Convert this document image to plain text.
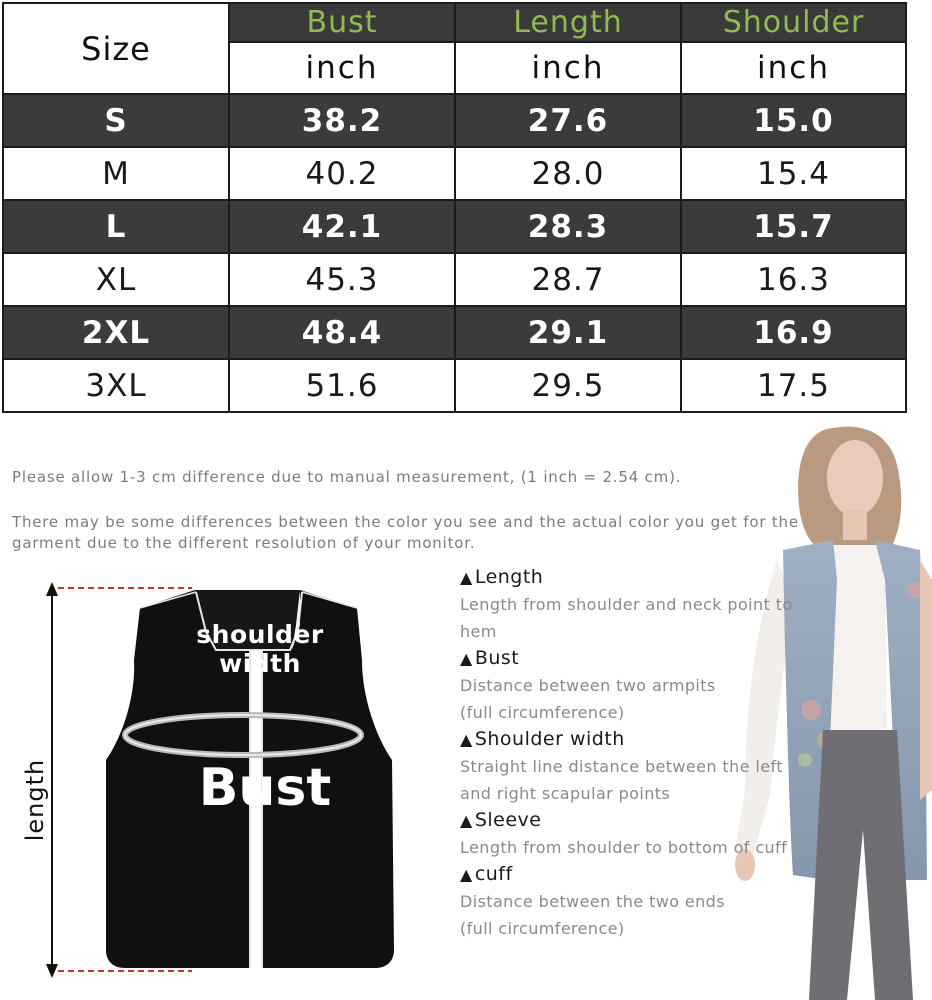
Size	Bust	Length	Shoulder
	inch	inch	inch
S	38.2	27.6	15.0
M	40.2	28.0	15.4
L	42.1	28.3	15.7
XL	45.3	28.7	16.3
2XL	48.4	29.1	16.9
3XL	51.6	29.5	17.5
Please allow 1-3 cm difference due to manual measurement, (1 inch = 2.54 cm).
There may be some differences between the color you see and the actual color you get for the garment due to the different resolution of your monitor.
length
shoulder width
Bust
▲ Length
Length from shoulder and neck point to
hem
▲ Bust
Distance between two armpits
(full circumference)
▲ Shoulder width
Straight line distance between the left
and right scapular points
▲ Sleeve
Length from shoulder to bottom of cuff
▲ cuff
Distance between the two ends
(full circumference)
